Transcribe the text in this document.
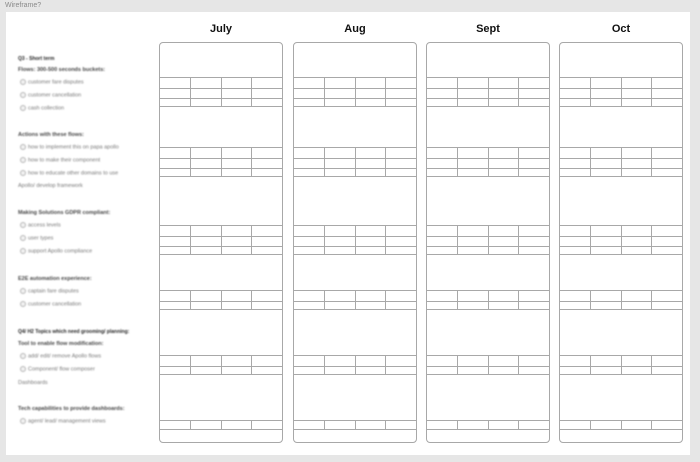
Wireframe?
July	Aug	Sept	Oct
Q3 - Short term
Flows: 300-500 seconds buckets:
customer fare disputes
customer cancellation
cash collection
Actions with these flows:
how to implement this on papa apollo
how to make their component
how to educate other domains to use
Apollo/ develop framework
Making Solutions GDPR compliant:
access levels
user types
support Apollo compliance
E2E automation experience:
captain fare disputes
customer cancellation
Q4/ H2 Topics which need grooming/ planning:
Tool to enable flow modification:
add/ edit/ remove Apollo flows
Component/ flow composer
Dashboards
Tech capabilities to provide dashboards:
agent/ lead/ management views
